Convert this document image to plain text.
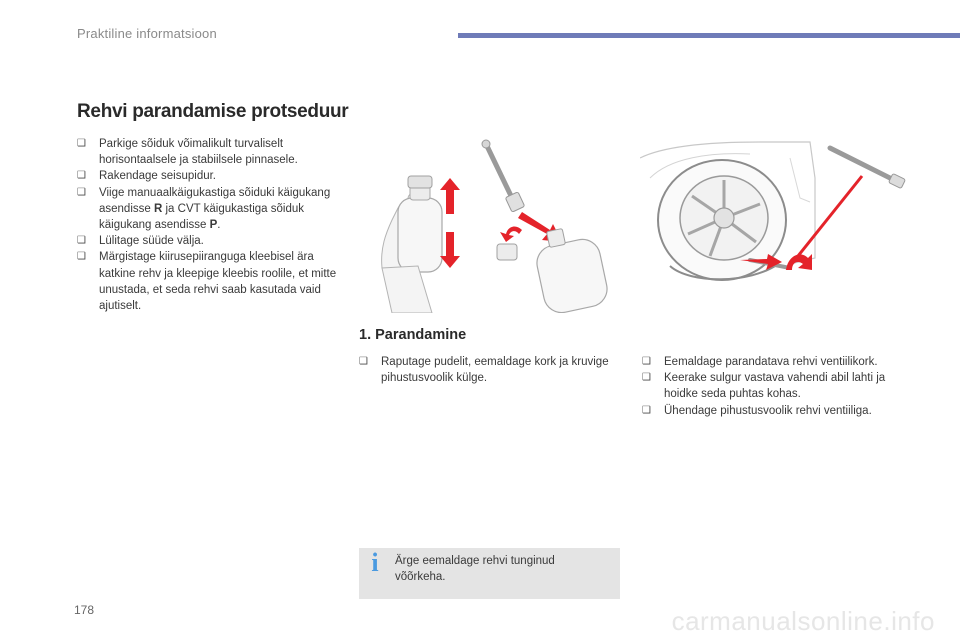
Praktiline informatsioon
Rehvi parandamise protseduur
❑ Parkige sõiduk võimalikult turvaliselt horisontaalsele ja stabiilsele pinnasele.
❑ Rakendage seisupidur.
❑ Viige manuaalkäigukastiga sõiduki käigukang asendisse R ja CVT käigukastiga sõiduk käigukang asendisse P.
❑ Lülitage süüde välja.
❑ Märgistage kiirusepiiranguga kleebisel ära katkine rehv ja kleepige kleebis roolile, et mitte unustada, et seda rehvi saab kasutada vaid ajutiselt.
1. Parandamine
❑ Raputage pudelit, eemaldage kork ja kruvige pihustusvoolik külge.
❑ Eemaldage parandatava rehvi ventiilikork.
❑ Keerake sulgur vastava vahendi abil lahti ja hoidke seda puhtas kohas.
❑ Ühendage pihustusvoolik rehvi ventiiliga.
i	Ärge eemaldage rehvi tunginud võõrkeha.
178	carmanualsonline.info
